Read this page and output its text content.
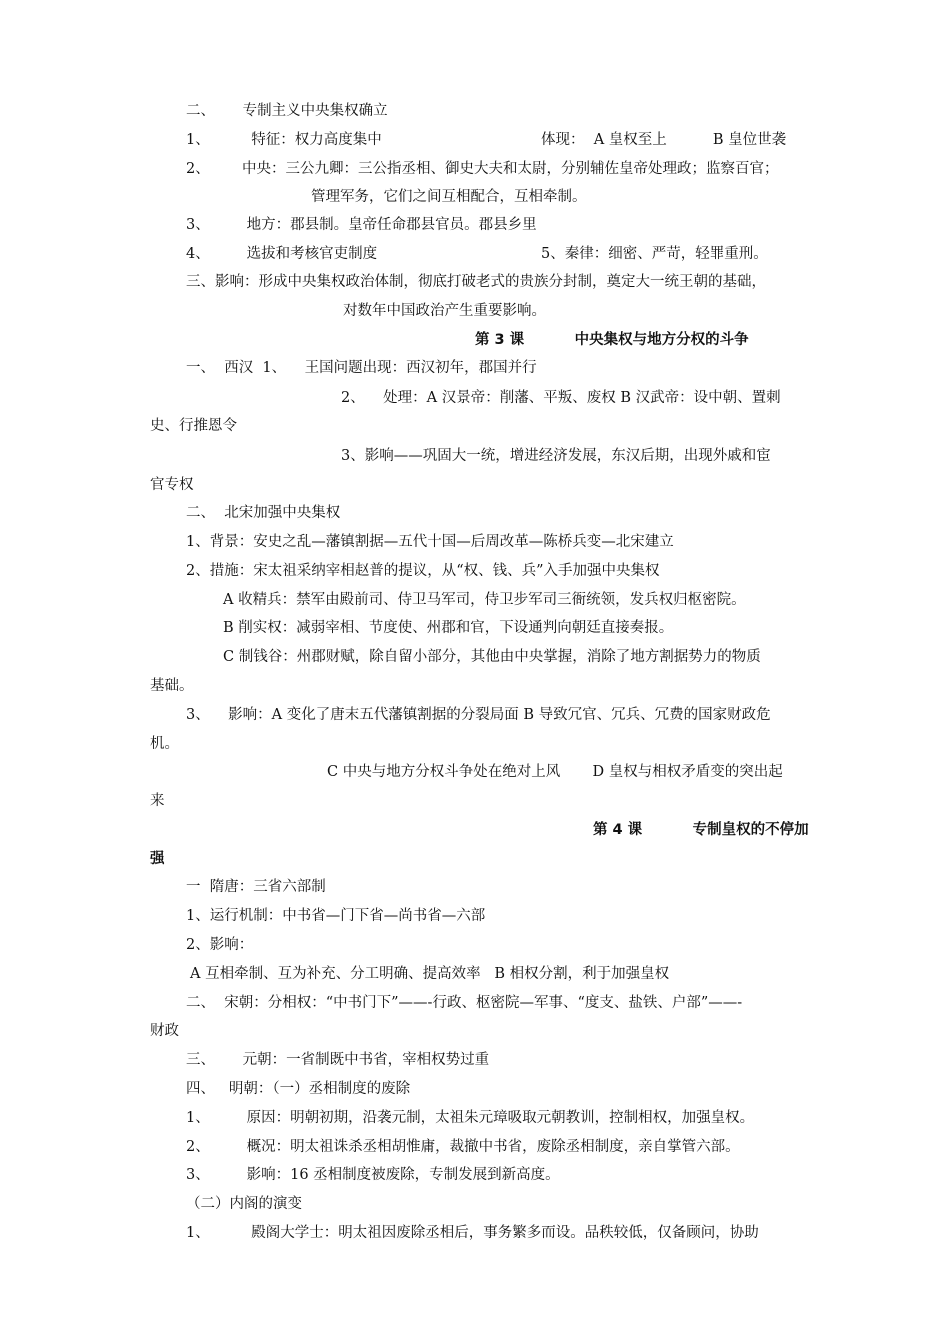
二、      专制主义中央集权确立
1、         特征：权力高度集中	体现：  A 皇权至上          B 皇位世袭
2、       中央：三公九卿：三公指丞相、御史大夫和太尉，分别辅佐皇帝处理政；监察百官；
管理军务，它们之间互相配合，互相牵制。
3、        地方：郡县制。皇帝任命郡县官员。郡县乡里
4、        选拔和考核官吏制度	5、秦律：细密、严苛，轻罪重刑。
三、影响：形成中央集权政治体制，彻底打破老式的贵族分封制，奠定大一统王朝的基础，
对数年中国政治产生重要影响。
第 3 课          中央集权与地方分权的斗争
一、  西汉  1、    王国问题出现：西汉初年，郡国并行
2、    处理：A 汉景帝：削藩、平叛、废权 B 汉武帝：设中朝、置刺
史、行推恩令
3、影响——巩固大一统，增进经济发展，东汉后期，出现外戚和宦
官专权
二、  北宋加强中央集权
1、背景：安史之乱—藩镇割据—五代十国—后周改革—陈桥兵变—北宋建立
2、措施：宋太祖采纳宰相赵普的提议，从“权、钱、兵”入手加强中央集权
A 收精兵：禁军由殿前司、侍卫马军司，侍卫步军司三衙统领，发兵权归枢密院。
B 削实权：减弱宰相、节度使、州郡和官，下设通判向朝廷直接奏报。
C 制钱谷：州郡财赋，除自留小部分，其他由中央掌握，消除了地方割据势力的物质
基础。
3、    影响：A 变化了唐末五代藩镇割据的分裂局面 B 导致冗官、冗兵、冗费的国家财政危
机。
C 中央与地方分权斗争处在绝对上风       D 皇权与相权矛盾变的突出起
来
第 4 课          专制皇权的不停加
强
一  隋唐：三省六部制
1、运行机制：中书省—门下省—尚书省—六部
2、影响：
A 互相牵制、互为补充、分工明确、提高效率   B 相权分割，利于加强皇权
二、  宋朝：分相权：“中书门下”——-行政、枢密院—军事、“度支、盐铁、户部”——-
财政
三、      元朝：一省制既中书省，宰相权势过重
四、   明朝：（一）丞相制度的废除
1、        原因：明朝初期，沿袭元制，太祖朱元璋吸取元朝教训，控制相权，加强皇权。
2、        概况：明太祖诛杀丞相胡惟庸，裁撤中书省，废除丞相制度，亲自掌管六部。
3、        影响：16 丞相制度被废除，专制发展到新高度。
（二）内阁的演变
1、         殿阁大学士：明太祖因废除丞相后，事务繁多而设。品秩较低，仅备顾问，协助
